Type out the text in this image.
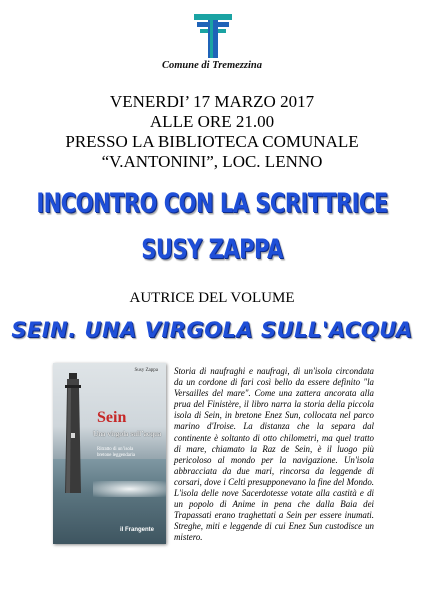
Comune di Tremezzina
VENERDI’ 17 MARZO 2017
ALLE ORE 21.00
PRESSO LA BIBLIOTECA COMUNALE
“V.ANTONINI”, LOC. LENNO
INCONTRO CON LA SCRITTRICE
SUSY ZAPPA
AUTRICE DEL VOLUME
SEIN. UNA VIRGOLA SULL'ACQUA
Susy Zappa
Sein
Una virgola sull’acqua
Ritratto di un’isola
bretone leggendaria
il Frangente
Storia di naufraghi e naufragi, di un'isola circondata da un cordone di fari così bello da essere definito "la Versailles del mare". Come una zattera ancorata alla prua del Finistère, il libro narra la storia della piccola isola di Sein, in bretone Enez Sun, collocata nel parco marino d'Iroise. La distanza che la separa dal continente è soltanto di otto chilometri, ma quel tratto di mare, chiamato la Raz de Sein, è il luogo più pericoloso al mondo per la navigazione. Un'isola abbracciata da due mari, rincorsa da leggende di corsari, dove i Celti presupponevano la fine del Mondo. L'isola delle nove Sacerdotesse votate alla castità e di un popolo di Anime in pena che dalla Baia dei Trapassati erano traghettati a Sein per essere inumati. Streghe, miti e leggende di cui Enez Sun custodisce un mistero.
